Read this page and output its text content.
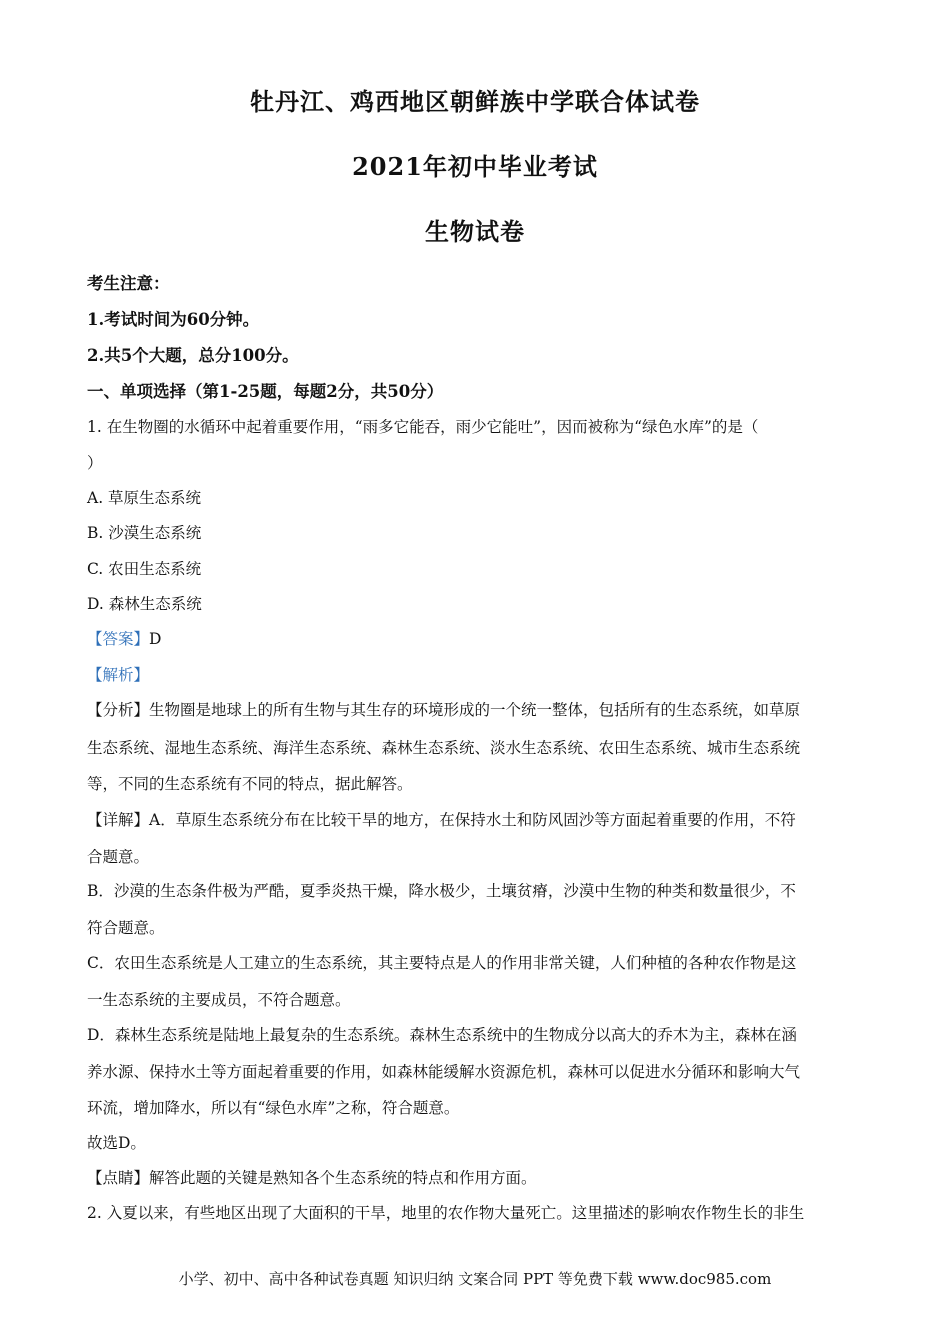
牡丹江、鸡西地区朝鲜族中学联合体试卷
2021年初中毕业考试
生物试卷
考生注意：
1.考试时间为60分钟。
2.共5个大题，总分100分。
一、单项选择（第1-25题，每题2分，共50分）
1. 在生物圈的水循环中起着重要作用，“雨多它能吞，雨少它能吐”，因而被称为“绿色水库”的是（
）
A. 草原生态系统
B. 沙漠生态系统
C. 农田生态系统
D. 森林生态系统
【答案】D
【解析】
【分析】生物圈是地球上的所有生物与其生存的环境形成的一个统一整体，包括所有的生态系统，如草原
生态系统、湿地生态系统、海洋生态系统、森林生态系统、淡水生态系统、农田生态系统、城市生态系统
等，不同的生态系统有不同的特点，据此解答。
【详解】A．草原生态系统分布在比较干旱的地方，在保持水土和防风固沙等方面起着重要的作用，不符
合题意。
B．沙漠的生态条件极为严酷，夏季炎热干燥，降水极少，土壤贫瘠，沙漠中生物的种类和数量很少，不
符合题意。
C．农田生态系统是人工建立的生态系统，其主要特点是人的作用非常关键，人们种植的各种农作物是这
一生态系统的主要成员，不符合题意。
D．森林生态系统是陆地上最复杂的生态系统。森林生态系统中的生物成分以高大的乔木为主，森林在涵
养水源、保持水土等方面起着重要的作用，如森林能缓解水资源危机，森林可以促进水分循环和影响大气
环流，增加降水，所以有“绿色水库”之称，符合题意。
故选D。
【点睛】解答此题的关键是熟知各个生态系统的特点和作用方面。
2. 入夏以来，有些地区出现了大面积的干旱，地里的农作物大量死亡。这里描述的影响农作物生长的非生
小学、初中、高中各种试卷真题 知识归纳 文案合同 PPT 等免费下载 www.doc985.com
